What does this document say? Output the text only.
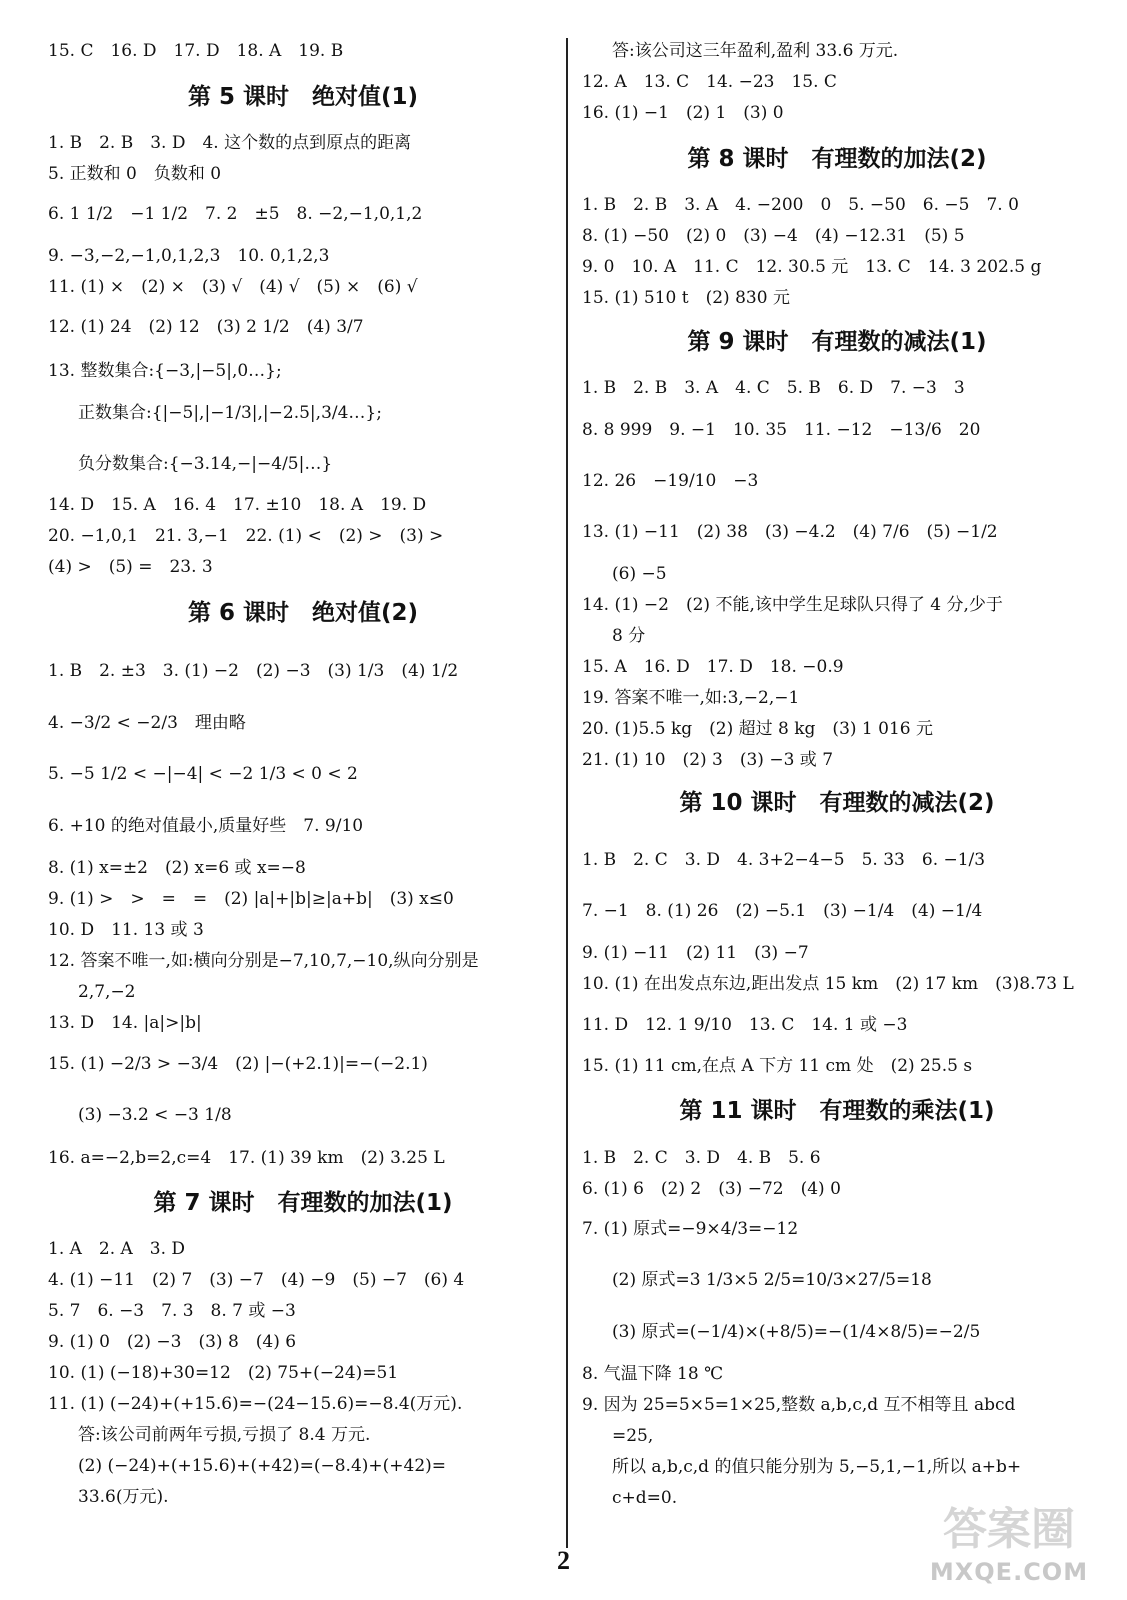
15. C　16. D　17. D　18. A　19. B
第 5 课时　绝对值(1)
1. B　2. B　3. D　4. 这个数的点到原点的距离
5. 正数和 0　负数和 0
6. 1 1/2　−1 1/2　7. 2　±5　8. −2,−1,0,1,2
9. −3,−2,−1,0,1,2,3　10. 0,1,2,3
11. (1) ×　(2) ×　(3) √　(4) √　(5) ×　(6) √
12. (1) 24　(2) 12　(3) 2 1/2　(4) 3/7
13. 整数集合:{−3,|−5|,0…};
正数集合:{|−5|,|−1/3|,|−2.5|,3/4…};
负分数集合:{−3.14,−|−4/5|…}
14. D　15. A　16. 4　17. ±10　18. A　19. D
20. −1,0,1　21. 3,−1　22. (1) <　(2) >　(3) >
(4) >　(5) =　23. 3
第 6 课时　绝对值(2)
1. B　2. ±3　3. (1) −2　(2) −3　(3) 1/3　(4) 1/2
4. −3/2 < −2/3　理由略
5. −5 1/2 < −|−4| < −2 1/3 < 0 < 2
6. +10 的绝对值最小,质量好些　7. 9/10
8. (1) x=±2　(2) x=6 或 x=−8
9. (1) >　>　=　=　(2) |a|+|b|≥|a+b|　(3) x≤0
10. D　11. 13 或 3
12. 答案不唯一,如:横向分别是−7,10,7,−10,纵向分别是
2,7,−2
13. D　14. |a|>|b|
15. (1) −2/3 > −3/4　(2) |−(+2.1)|=−(−2.1)
(3) −3.2 < −3 1/8
16. a=−2,b=2,c=4　17. (1) 39 km　(2) 3.25 L
第 7 课时　有理数的加法(1)
1. A　2. A　3. D
4. (1) −11　(2) 7　(3) −7　(4) −9　(5) −7　(6) 4
5. 7　6. −3　7. 3　8. 7 或 −3
9. (1) 0　(2) −3　(3) 8　(4) 6
10. (1) (−18)+30=12　(2) 75+(−24)=51
11. (1) (−24)+(+15.6)=−(24−15.6)=−8.4(万元).
答:该公司前两年亏损,亏损了 8.4 万元.
(2) (−24)+(+15.6)+(+42)=(−8.4)+(+42)=
33.6(万元).
答:该公司这三年盈利,盈利 33.6 万元.
12. A　13. C　14. −23　15. C
16. (1) −1　(2) 1　(3) 0
第 8 课时　有理数的加法(2)
1. B　2. B　3. A　4. −200　0　5. −50　6. −5　7. 0
8. (1) −50　(2) 0　(3) −4　(4) −12.31　(5) 5
9. 0　10. A　11. C　12. 30.5 元　13. C　14. 3 202.5 g
15. (1) 510 t　(2) 830 元
第 9 课时　有理数的减法(1)
1. B　2. B　3. A　4. C　5. B　6. D　7. −3　3
8. 8 999　9. −1　10. 35　11. −12　−13/6　20
12. 26　−19/10　−3
13. (1) −11　(2) 38　(3) −4.2　(4) 7/6　(5) −1/2
(6) −5
14. (1) −2　(2) 不能,该中学生足球队只得了 4 分,少于
8 分
15. A　16. D　17. D　18. −0.9
19. 答案不唯一,如:3,−2,−1
20. (1)5.5 kg　(2) 超过 8 kg　(3) 1 016 元
21. (1) 10　(2) 3　(3) −3 或 7
第 10 课时　有理数的减法(2)
1. B　2. C　3. D　4. 3+2−4−5　5. 33　6. −1/3
7. −1　8. (1) 26　(2) −5.1　(3) −1/4　(4) −1/4
9. (1) −11　(2) 11　(3) −7
10. (1) 在出发点东边,距出发点 15 km　(2) 17 km　(3)8.73 L
11. D　12. 1 9/10　13. C　14. 1 或 −3
15. (1) 11 cm,在点 A 下方 11 cm 处　(2) 25.5 s
第 11 课时　有理数的乘法(1)
1. B　2. C　3. D　4. B　5. 6
6. (1) 6　(2) 2　(3) −72　(4) 0
7. (1) 原式=−9×4/3=−12
(2) 原式=3 1/3×5 2/5=10/3×27/5=18
(3) 原式=(−1/4)×(+8/5)=−(1/4×8/5)=−2/5
8. 气温下降 18 ℃
9. 因为 25=5×5=1×25,整数 a,b,c,d 互不相等且 abcd
=25,
所以 a,b,c,d 的值只能分别为 5,−5,1,−1,所以 a+b+
c+d=0.
2
答案圈
MXQE.COM
